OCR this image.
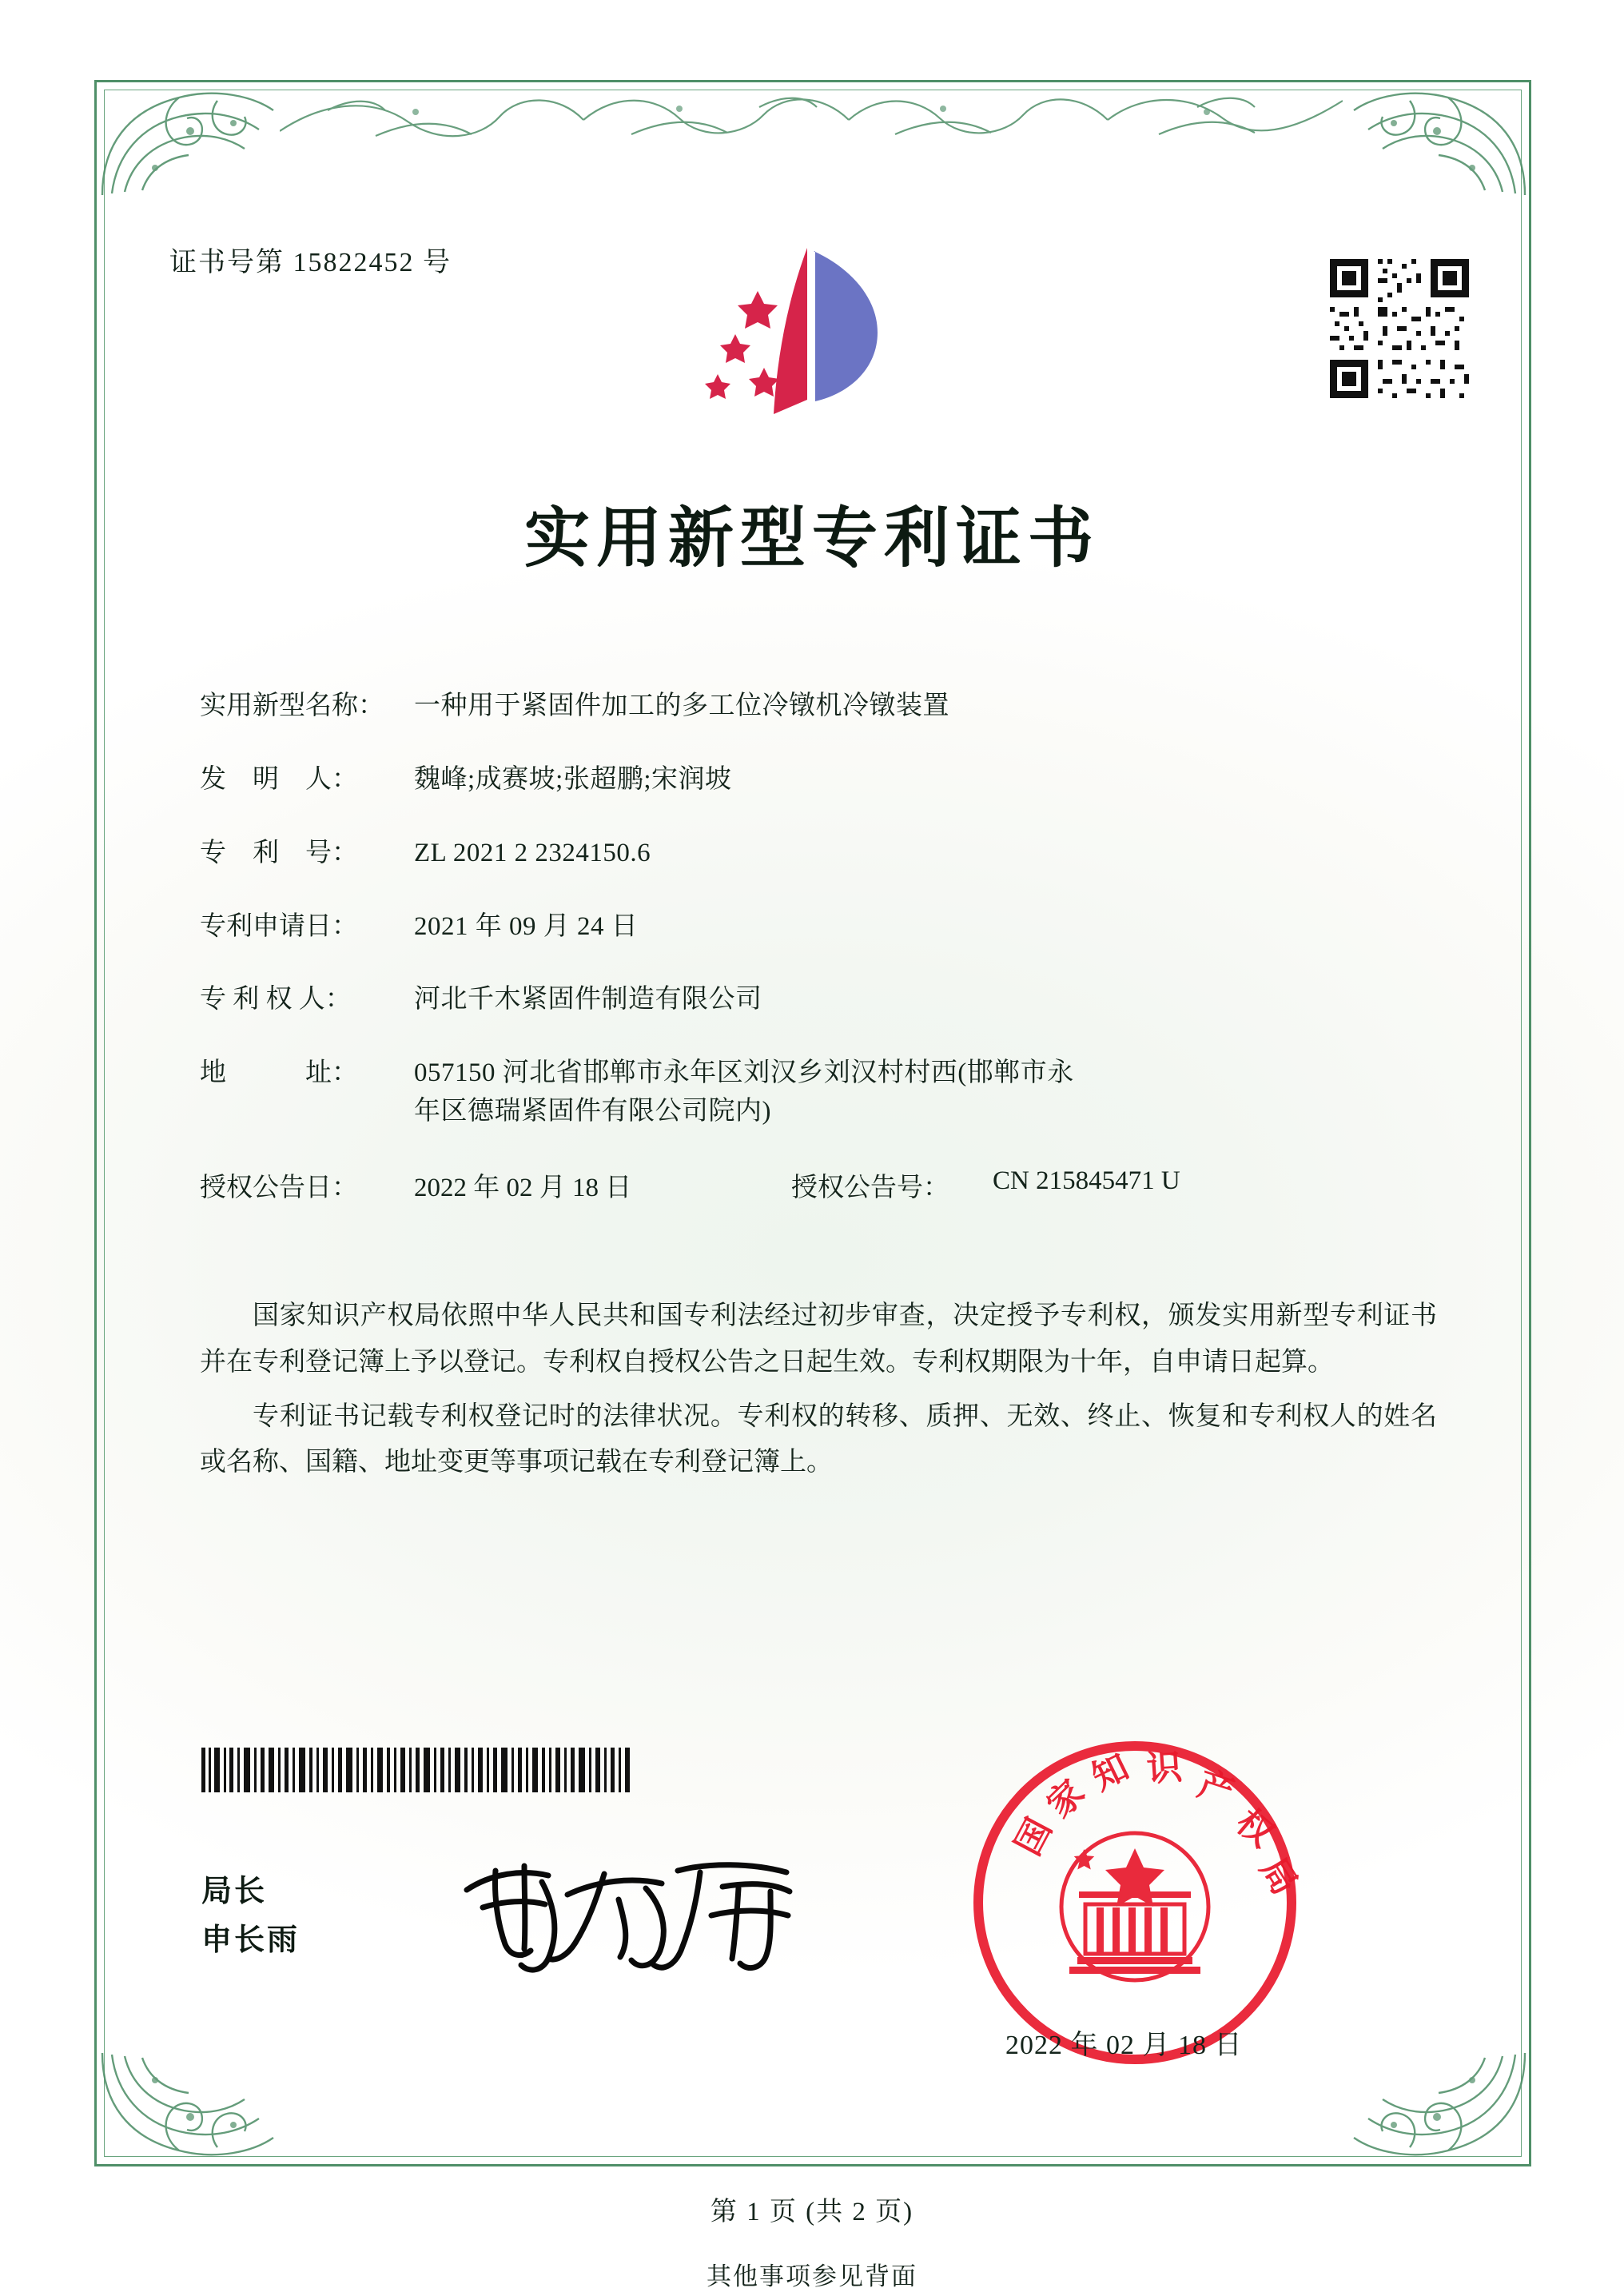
证书号第 15822452 号
实用新型专利证书
实用新型名称：	一种用于紧固件加工的多工位冷镦机冷镦装置
发　明　人：	魏峰;成赛坡;张超鹏;宋润坡
专　利　号：	ZL 2021 2 2324150.6
专利申请日：	2021 年 09 月 24 日
专 利 权 人：	河北千木紧固件制造有限公司
地　　　址：	057150 河北省邯郸市永年区刘汉乡刘汉村村西(邯郸市永
年区德瑞紧固件有限公司院内)
授权公告日：	2022 年 02 月 18 日	授权公告号：	CN 215845471 U

国家知识产权局依照中华人民共和国专利法经过初步审查，决定授予专利权，颁发实用新型专利证书并在专利登记簿上予以登记。专利权自授权公告之日起生效。专利权期限为十年，自申请日起算。

专利证书记载专利权登记时的法律状况。专利权的转移、质押、无效、终止、恢复和专利权人的姓名或名称、国籍、地址变更等事项记载在专利登记簿上。

局长
申长雨
国
家
知 识 产
权
局
2022 年 02 月 18 日
第 1 页 (共 2 页)
其他事项参见背面
